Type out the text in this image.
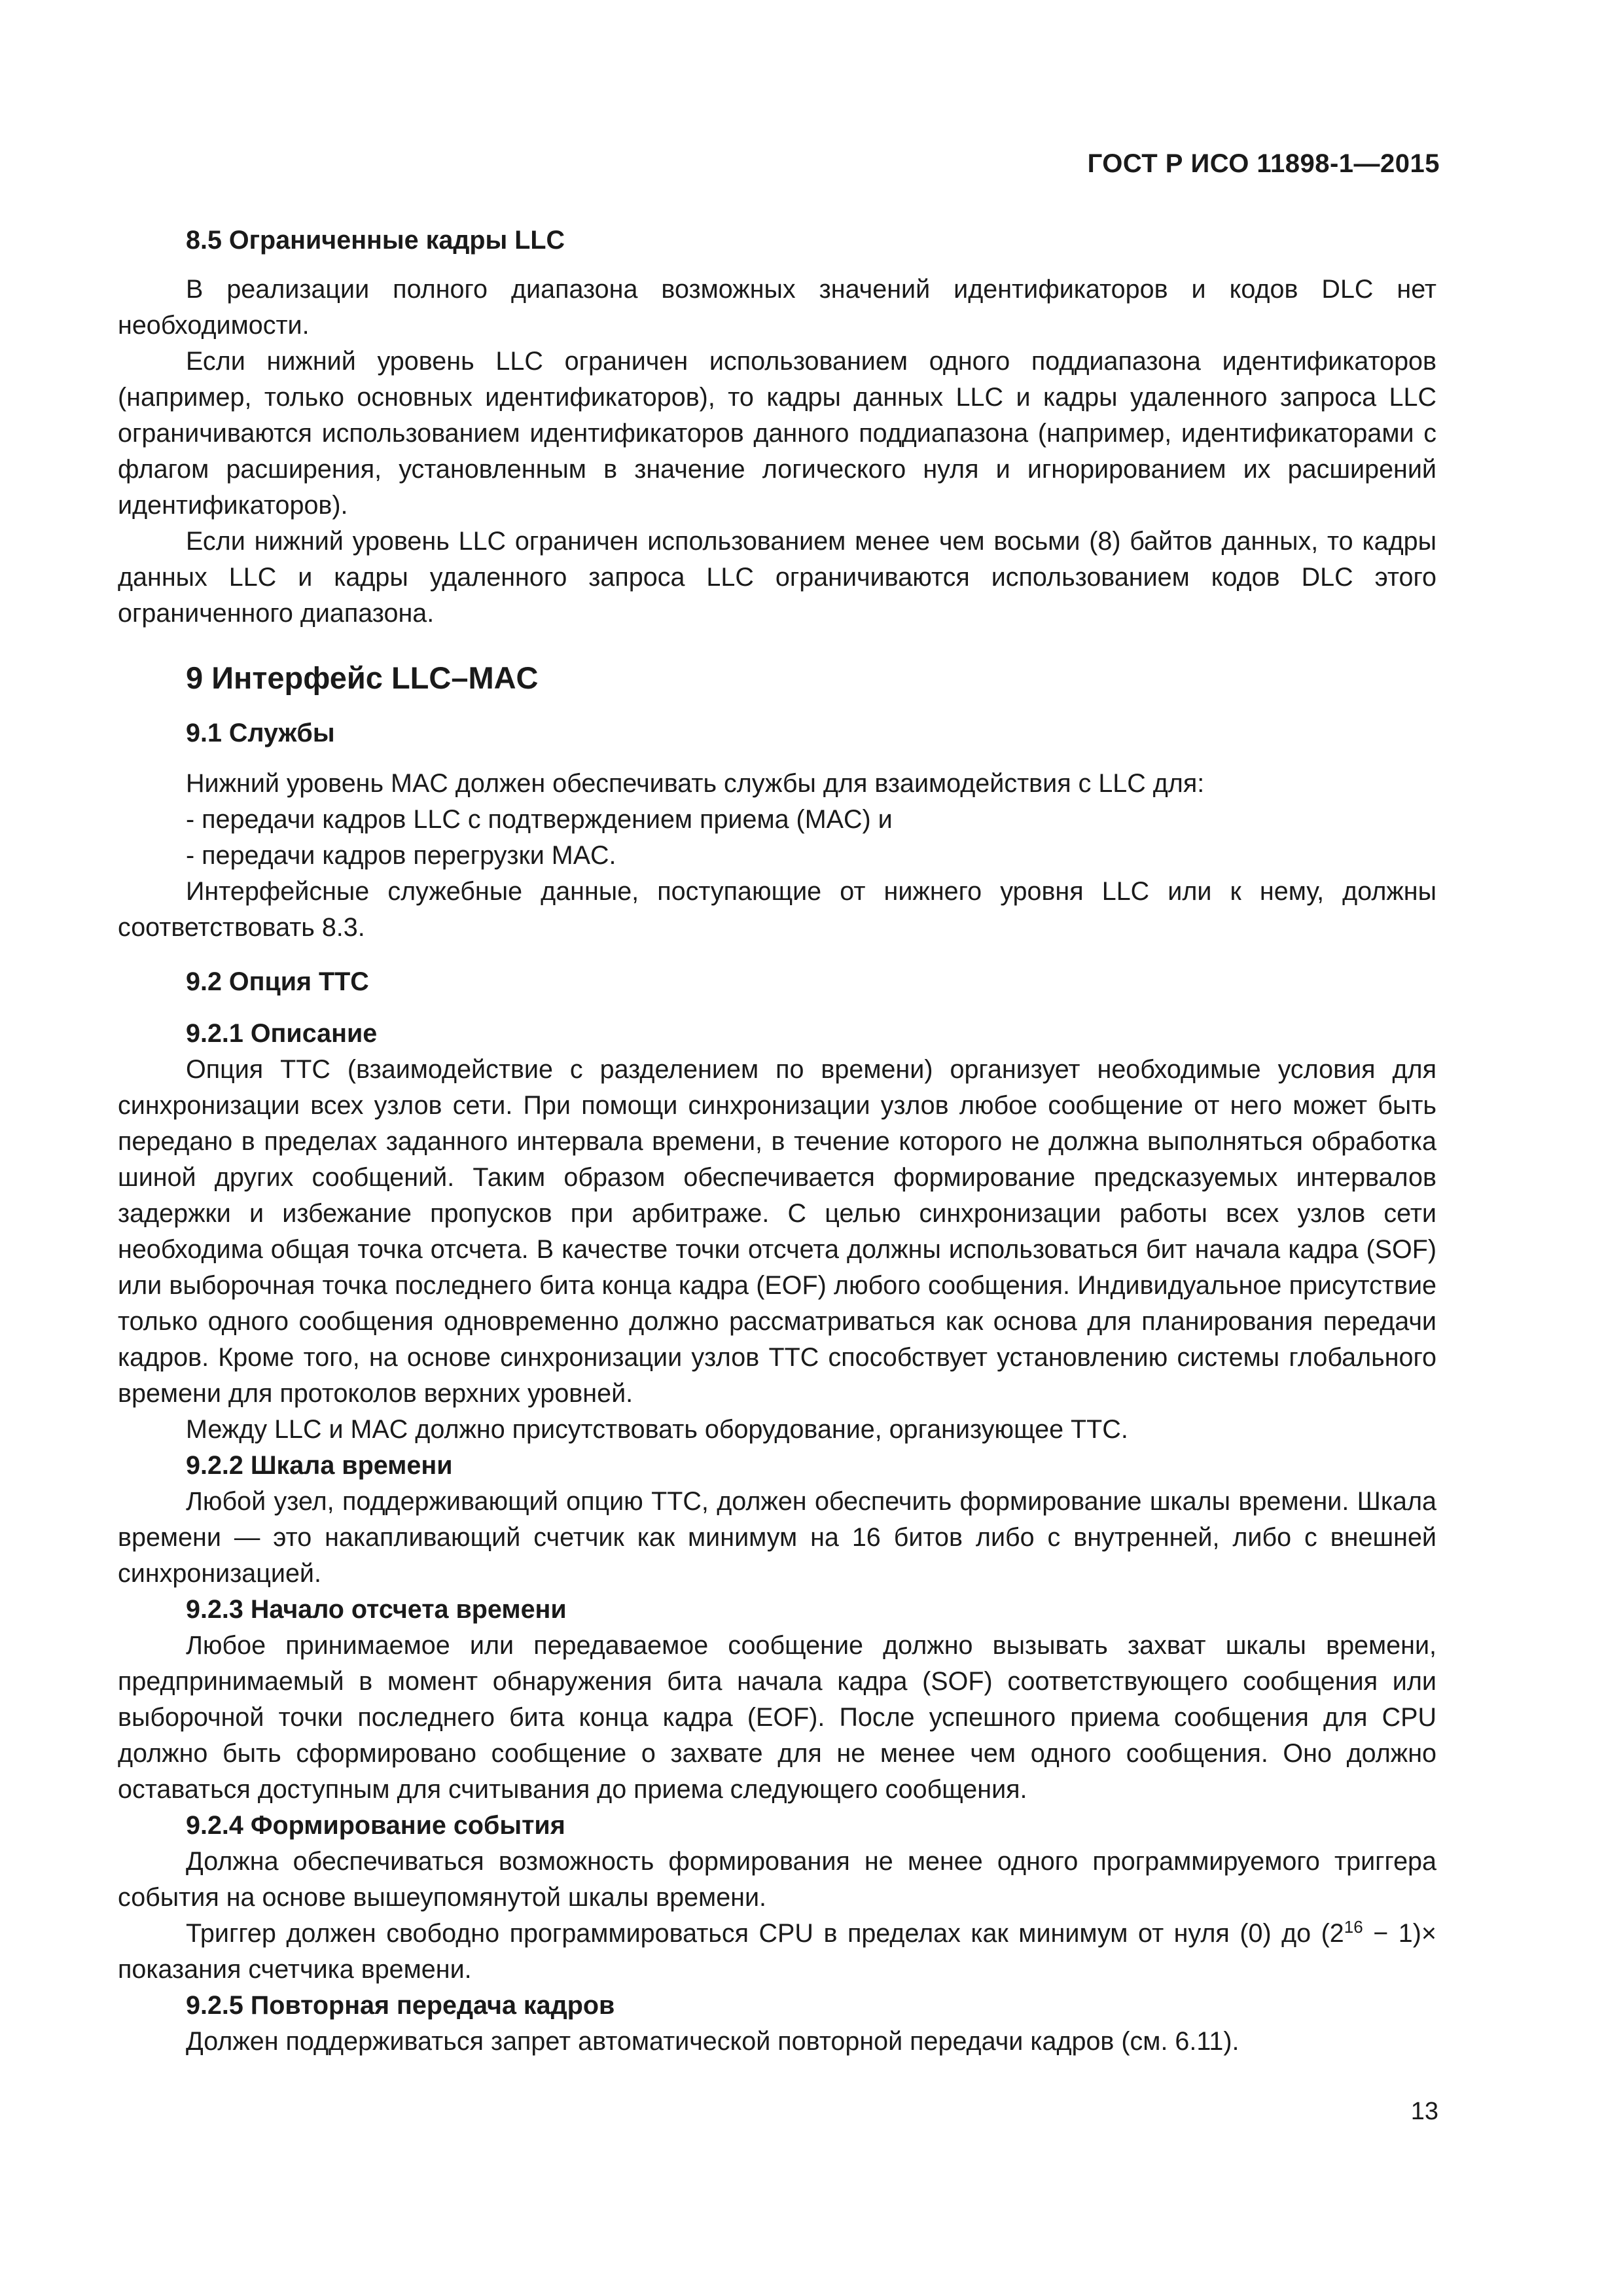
ГОСТ Р ИСО 11898-1—2015
8.5 Ограниченные кадры LLC

В реализации полного диапазона возможных значений идентификаторов и кодов DLC нет необходимости.

Если нижний уровень LLC ограничен использованием одного поддиапазона идентификаторов (например, только основных идентификаторов), то кадры данных LLC и кадры удаленного запроса LLC ограничиваются использованием идентификаторов данного поддиапазона (например, идентификаторами с флагом расширения, установленным в значение логического нуля и игнорированием их расширений идентификаторов).

Если нижний уровень LLC ограничен использованием менее чем восьми (8) байтов данных, то кадры данных LLC и кадры удаленного запроса LLC ограничиваются использованием кодов DLC этого ограниченного диапазона.

9 Интерфейс LLC–MAC
9.1 Службы

Нижний уровень MAC должен обеспечивать службы для взаимодействия с LLC для:

- передачи кадров LLC с подтверждением приема (MAC) и
- передачи кадров перегрузки MAC.

Интерфейсные служебные данные, поступающие от нижнего уровня LLC или к нему, должны соответствовать 8.3.

9.2 Опция TTC
9.2.1 Описание

Опция TTC (взаимодействие с разделением по времени) организует необходимые условия для синхронизации всех узлов сети. При помощи синхронизации узлов любое сообщение от него может быть передано в пределах заданного интервала времени, в течение которого не должна выполняться обработка шиной других сообщений. Таким образом обеспечивается формирование предсказуемых интервалов задержки и избежание пропусков при арбитраже. С целью синхронизации работы всех узлов сети необходима общая точка отсчета. В качестве точки отсчета должны использоваться бит начала кадра (SOF) или выборочная точка последнего бита конца кадра (EOF) любого сообщения. Индивидуальное присутствие только одного сообщения одновременно должно рассматриваться как основа для планирования передачи кадров. Кроме того, на основе синхронизации узлов TTC способствует установлению системы глобального времени для протоколов верхних уровней.

Между LLC и MAC должно присутствовать оборудование, организующее TTC.

9.2.2 Шкала времени

Любой узел, поддерживающий опцию TTC, должен обеспечить формирование шкалы времени. Шкала времени — это накапливающий счетчик как минимум на 16 битов либо с внутренней, либо с внешней синхронизацией.

9.2.3 Начало отсчета времени

Любое принимаемое или передаваемое сообщение должно вызывать захват шкалы времени, предпринимаемый в момент обнаружения бита начала кадра (SOF) соответствующего сообщения или выборочной точки последнего бита конца кадра (EOF). После успешного приема сообщения для CPU должно быть сформировано сообщение о захвате для не менее чем одного сообщения. Оно должно оставаться доступным для считывания до приема следующего сообщения.

9.2.4 Формирование события

Должна обеспечиваться возможность формирования не менее одного программируемого триггера события на основе вышеупомянутой шкалы времени.

Триггер должен свободно программироваться CPU в пределах как минимум от нуля (0) до $(2^{16} - 1)\times$ показания счетчика времени.

9.2.5 Повторная передача кадров

Должен поддерживаться запрет автоматической повторной передачи кадров (см. 6.11).

13
